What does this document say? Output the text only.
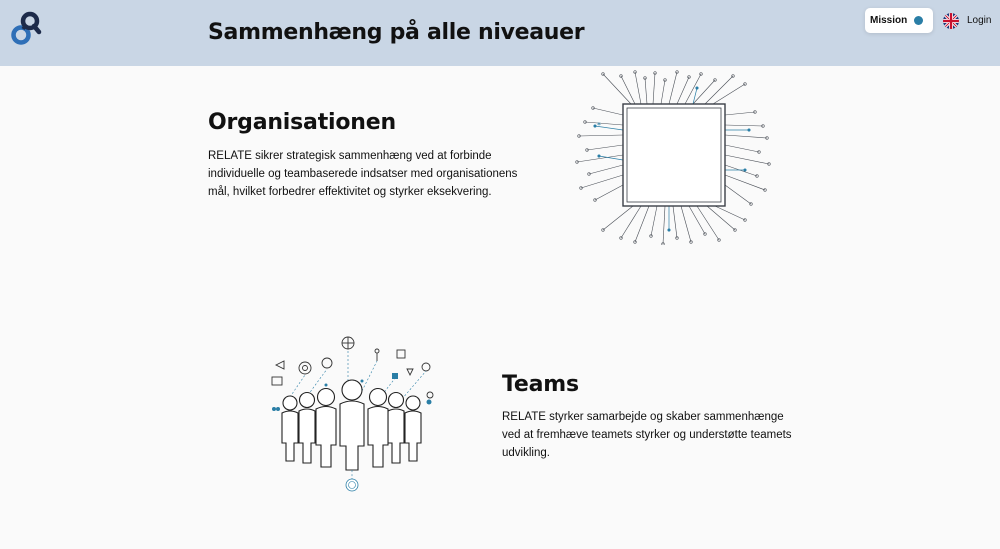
Sammenhæng på alle niveauer	Mission	Login
Organisationen

RELATE sikrer strategisk sammenhæng ved at forbinde individuelle og teambaserede indsatser med organisationens mål, hvilket forbedrer effektivitet og styrker eksekvering.

*
Teams

RELATE styrker samarbejde og skaber sammenhænge ved at fremhæve teamets styrker og understøtte teamets udvikling.
